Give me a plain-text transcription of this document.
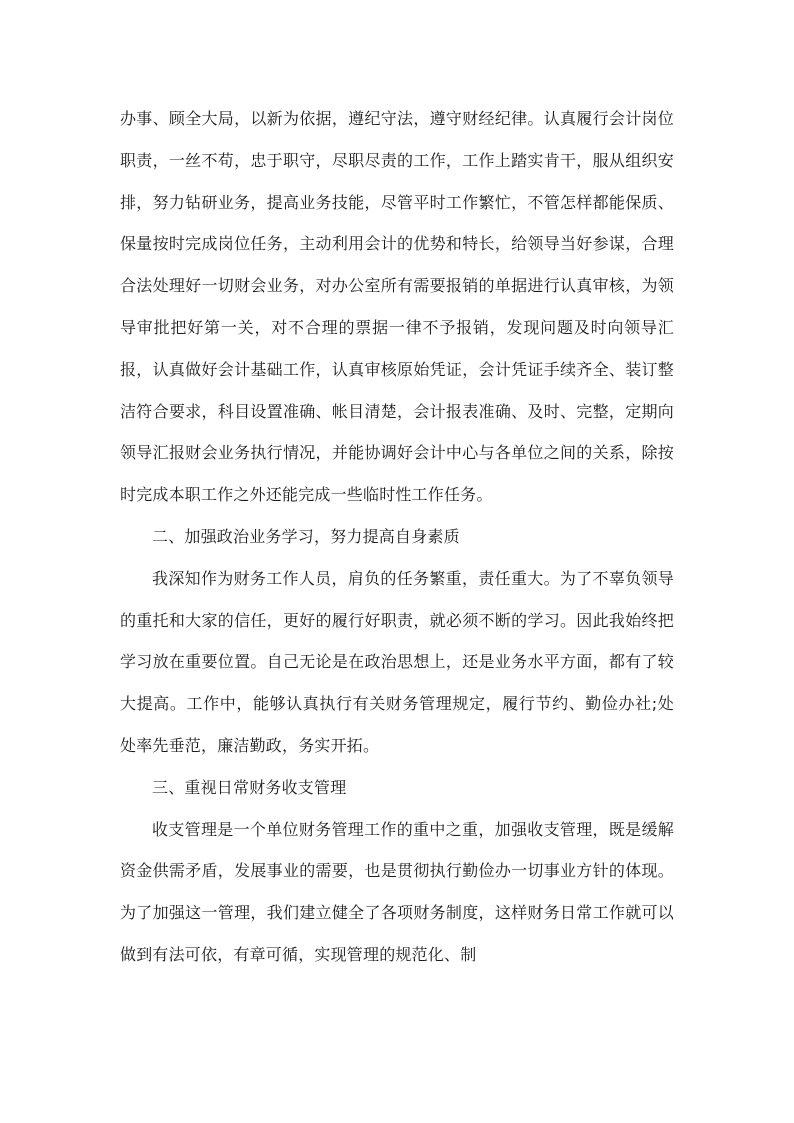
办事、顾全大局，以新为依据，遵纪守法，遵守财经纪律。认真履行会计岗位职责，一丝不苟，忠于职守，尽职尽责的工作，工作上踏实肯干，服从组织安排，努力钻研业务，提高业务技能，尽管平时工作繁忙，不管怎样都能保质、保量按时完成岗位任务，主动利用会计的优势和特长，给领导当好参谋，合理合法处理好一切财会业务，对办公室所有需要报销的单据进行认真审核，为领导审批把好第一关，对不合理的票据一律不予报销，发现问题及时向领导汇报，认真做好会计基础工作，认真审核原始凭证，会计凭证手续齐全、装订整洁符合要求，科目设置准确、帐目清楚，会计报表准确、及时、完整，定期向领导汇报财会业务执行情况，并能协调好会计中心与各单位之间的关系，除按时完成本职工作之外还能完成一些临时性工作任务。

二、加强政治业务学习，努力提高自身素质

我深知作为财务工作人员，肩负的任务繁重，责任重大。为了不辜负领导的重托和大家的信任，更好的履行好职责，就必须不断的学习。因此我始终把学习放在重要位置。自己无论是在政治思想上，还是业务水平方面，都有了较大提高。工作中，能够认真执行有关财务管理规定，履行节约、勤俭办社;处处率先垂范，廉洁勤政，务实开拓。

三、重视日常财务收支管理

收支管理是一个单位财务管理工作的重中之重，加强收支管理，既是缓解资金供需矛盾，发展事业的需要，也是贯彻执行勤俭办一切事业方针的体现。为了加强这一管理，我们建立健全了各项财务制度，这样财务日常工作就可以做到有法可依，有章可循，实现管理的规范化、制
